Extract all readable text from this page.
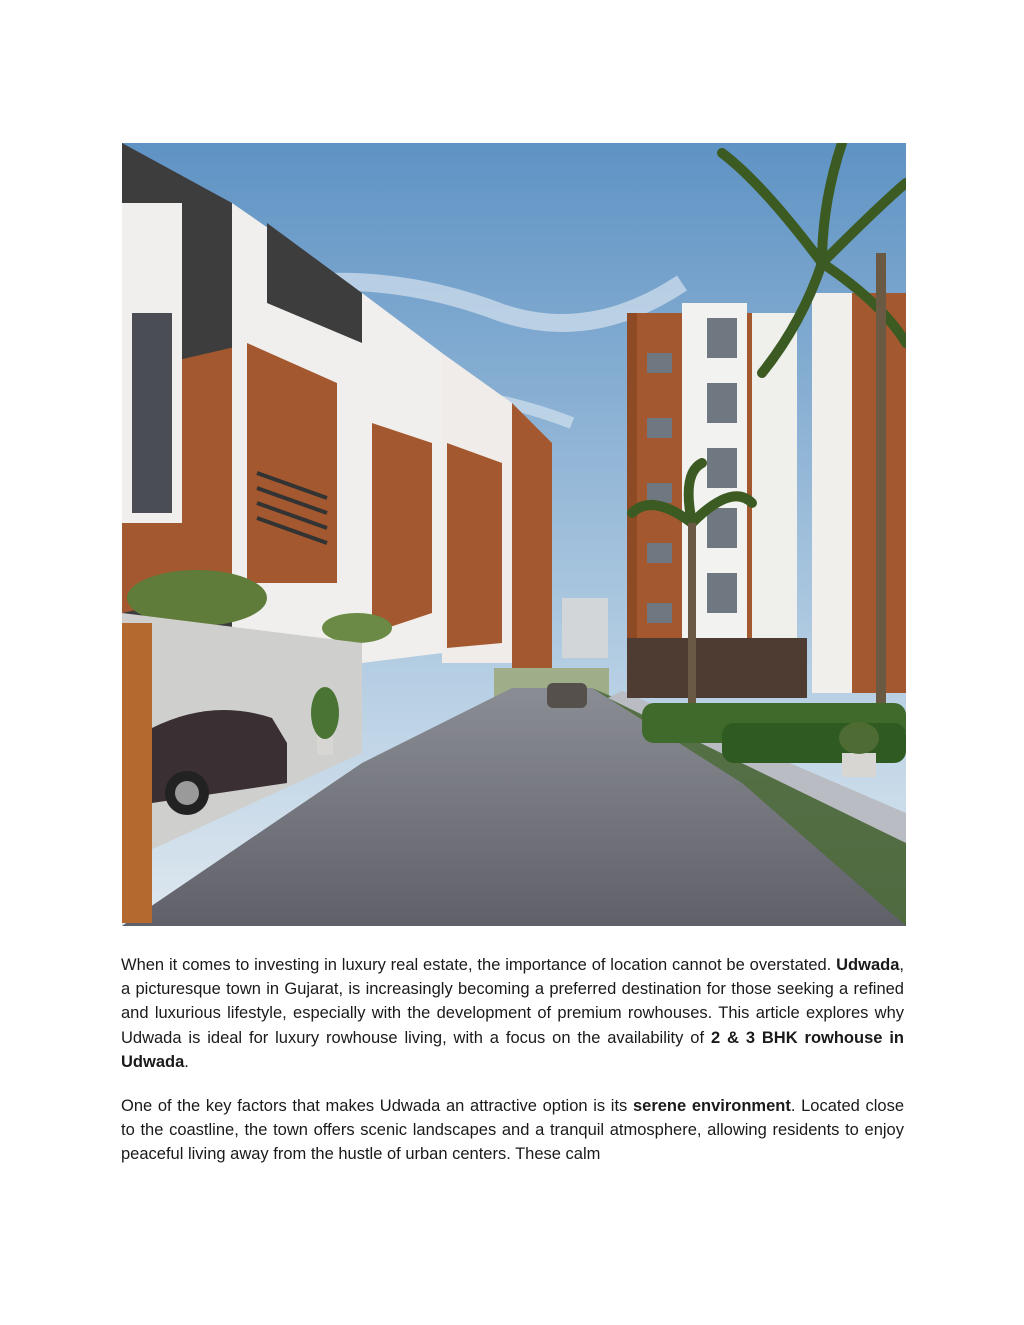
When it comes to investing in luxury real estate, the importance of location cannot be overstated. Udwada, a picturesque town in Gujarat, is increasingly becoming a preferred destination for those seeking a refined and luxurious lifestyle, especially with the development of premium rowhouses. This article explores why Udwada is ideal for luxury rowhouse living, with a focus on the availability of 2 & 3 BHK rowhouse in Udwada.

One of the key factors that makes Udwada an attractive option is its serene environment. Located close to the coastline, the town offers scenic landscapes and a tranquil atmosphere, allowing residents to enjoy peaceful living away from the hustle of urban centers. These calm
